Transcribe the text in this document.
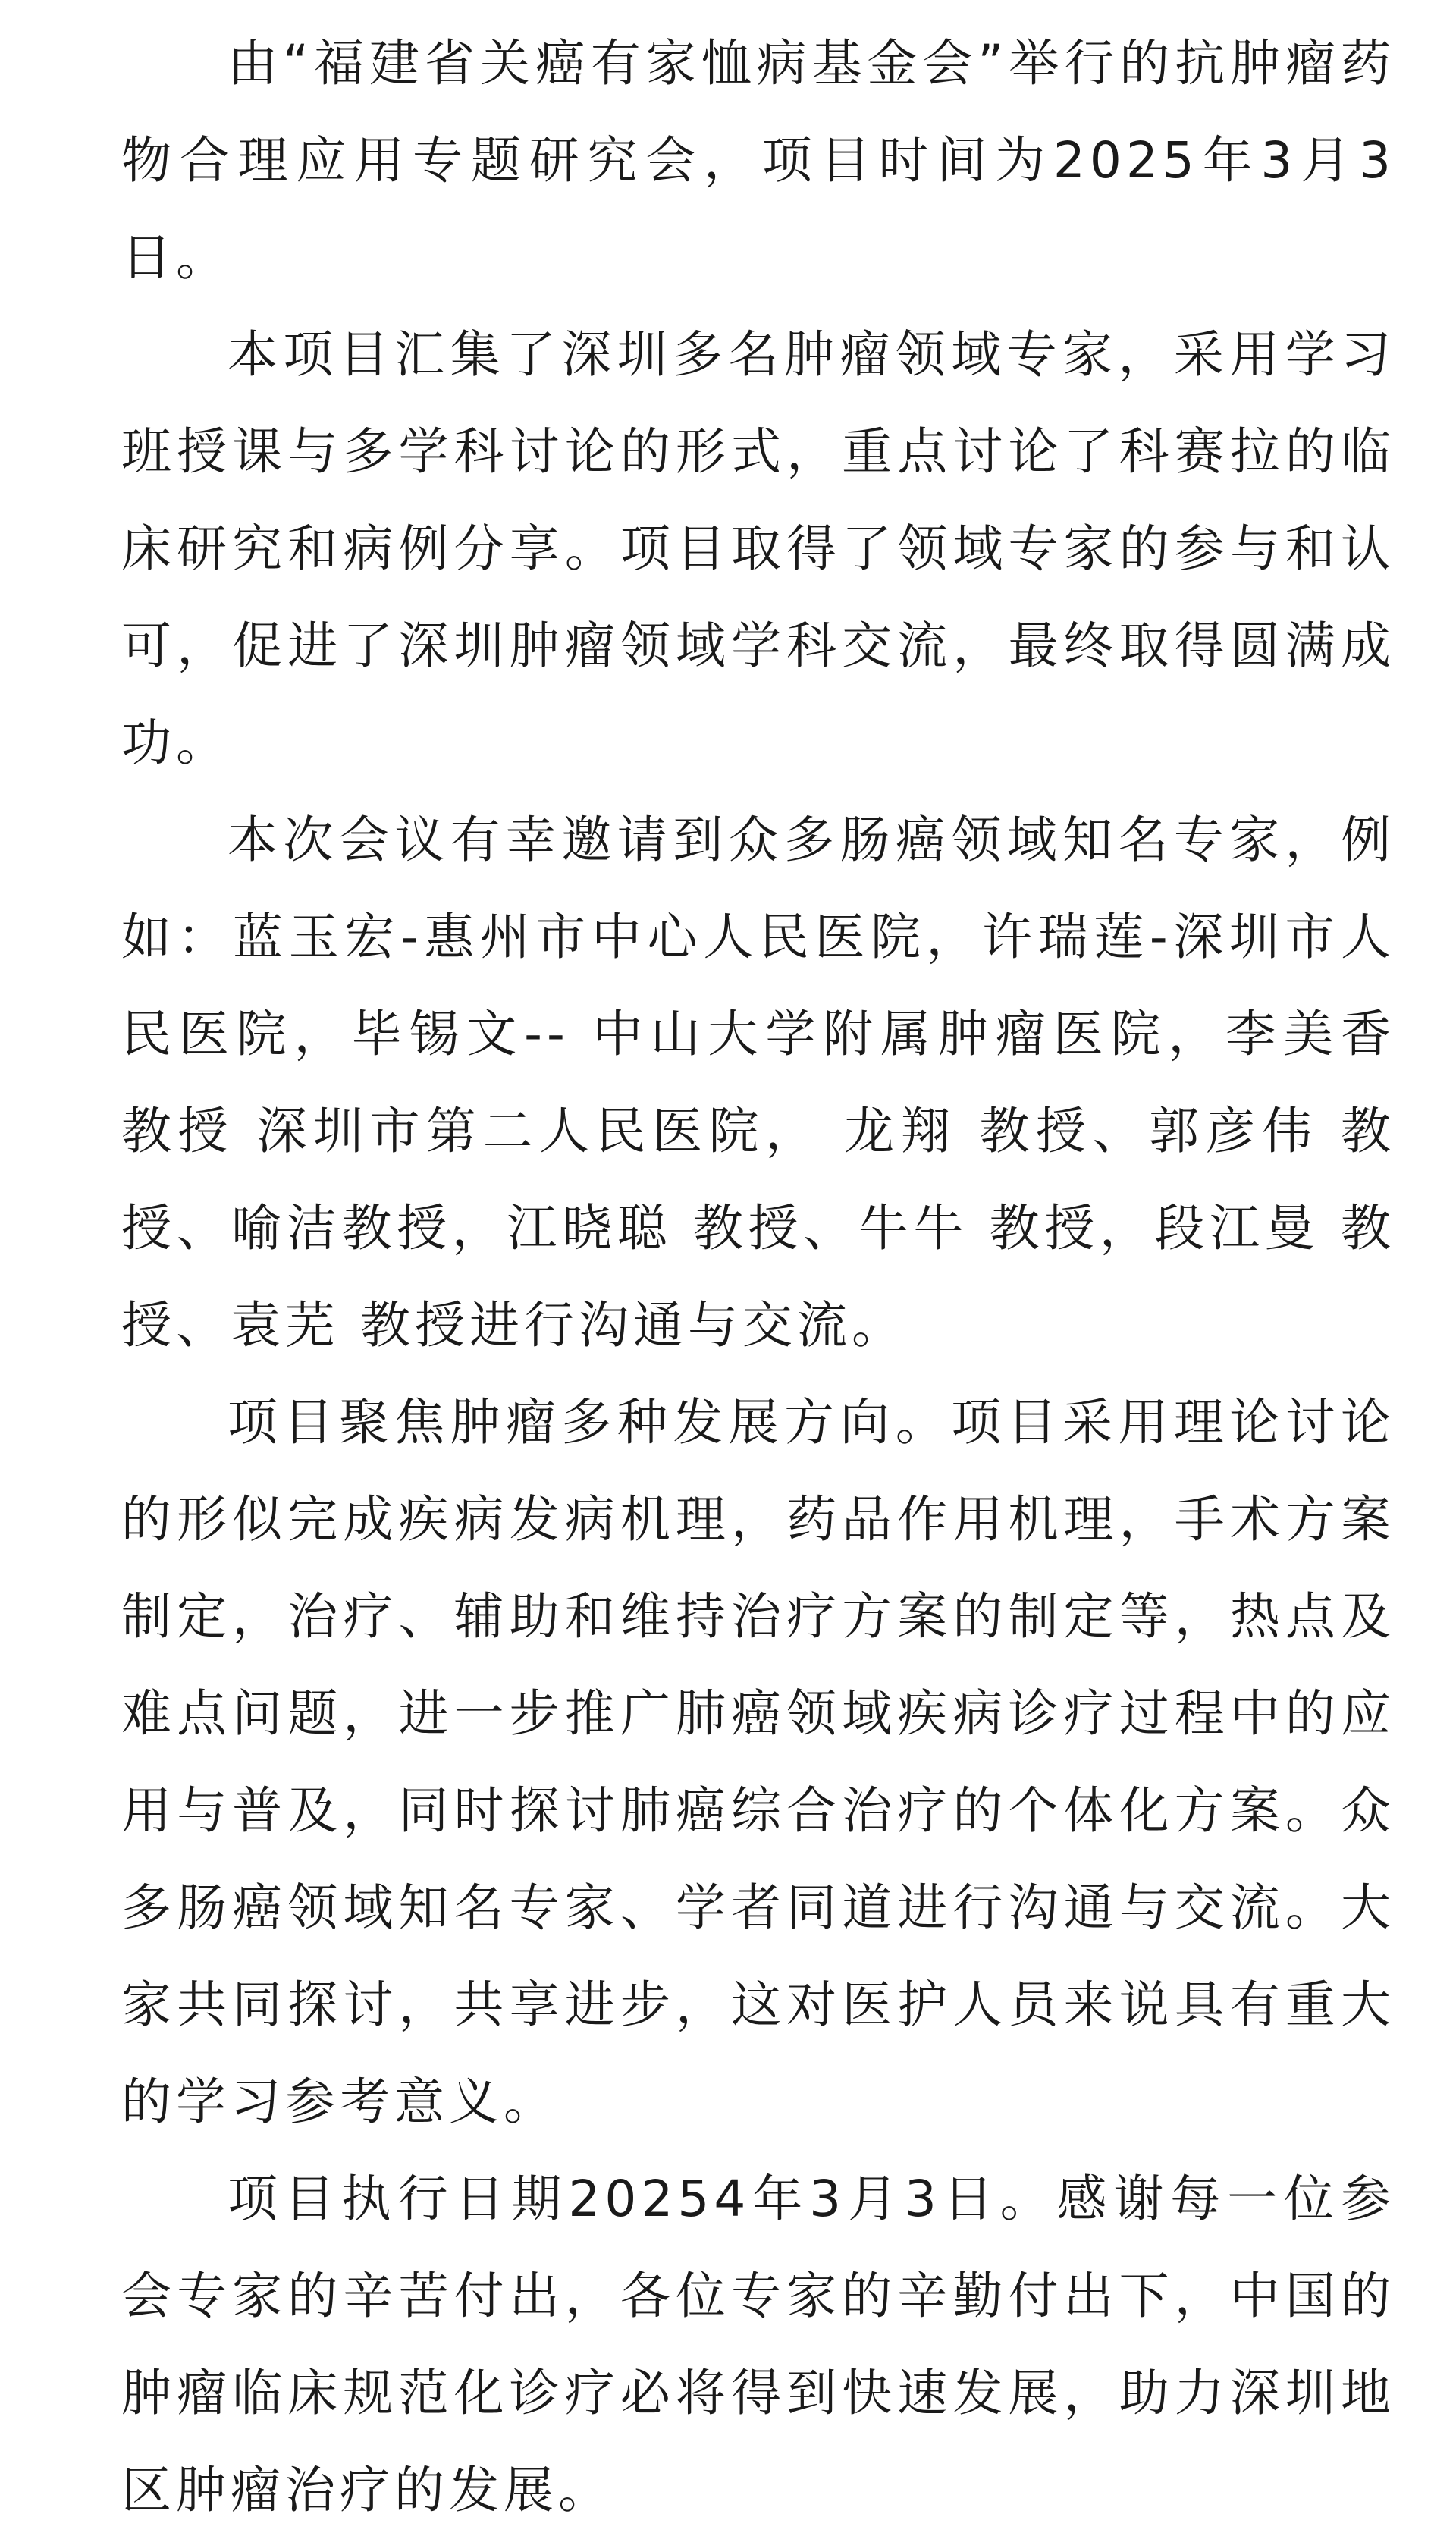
由“福建省关癌有家恤病基金会”举行的抗肿瘤药物合理应用专题研究会，项目时间为2025年3月3日。

本项目汇集了深圳多名肿瘤领域专家，采用学习班授课与多学科讨论的形式，重点讨论了科赛拉的临床研究和病例分享。项目取得了领域专家的参与和认可，促进了深圳肿瘤领域学科交流，最终取得圆满成功。

本次会议有幸邀请到众多肠癌领域知名专家，例如：蓝玉宏-惠州市中心人民医院，许瑞莲-深圳市人民医院，毕锡文-- 中山大学附属肿瘤医院，李美香 教授 深圳市第二人民医院， 龙翔 教授、郭彦伟 教授、喻洁教授，江晓聪 教授、牛牛 教授，段江曼 教授、袁芜 教授进行沟通与交流。

项目聚焦肿瘤多种发展方向。项目采用理论讨论的形似完成疾病发病机理，药品作用机理，手术方案制定，治疗、辅助和维持治疗方案的制定等，热点及难点问题，进一步推广肺癌领域疾病诊疗过程中的应用与普及，同时探讨肺癌综合治疗的个体化方案。众多肠癌领域知名专家、学者同道进行沟通与交流。大家共同探讨，共享进步，这对医护人员来说具有重大的学习参考意义。

项目执行日期20254年3月3日。感谢每一位参会专家的辛苦付出，各位专家的辛勤付出下，中国的肿瘤临床规范化诊疗必将得到快速发展，助力深圳地区肿瘤治疗的发展。
